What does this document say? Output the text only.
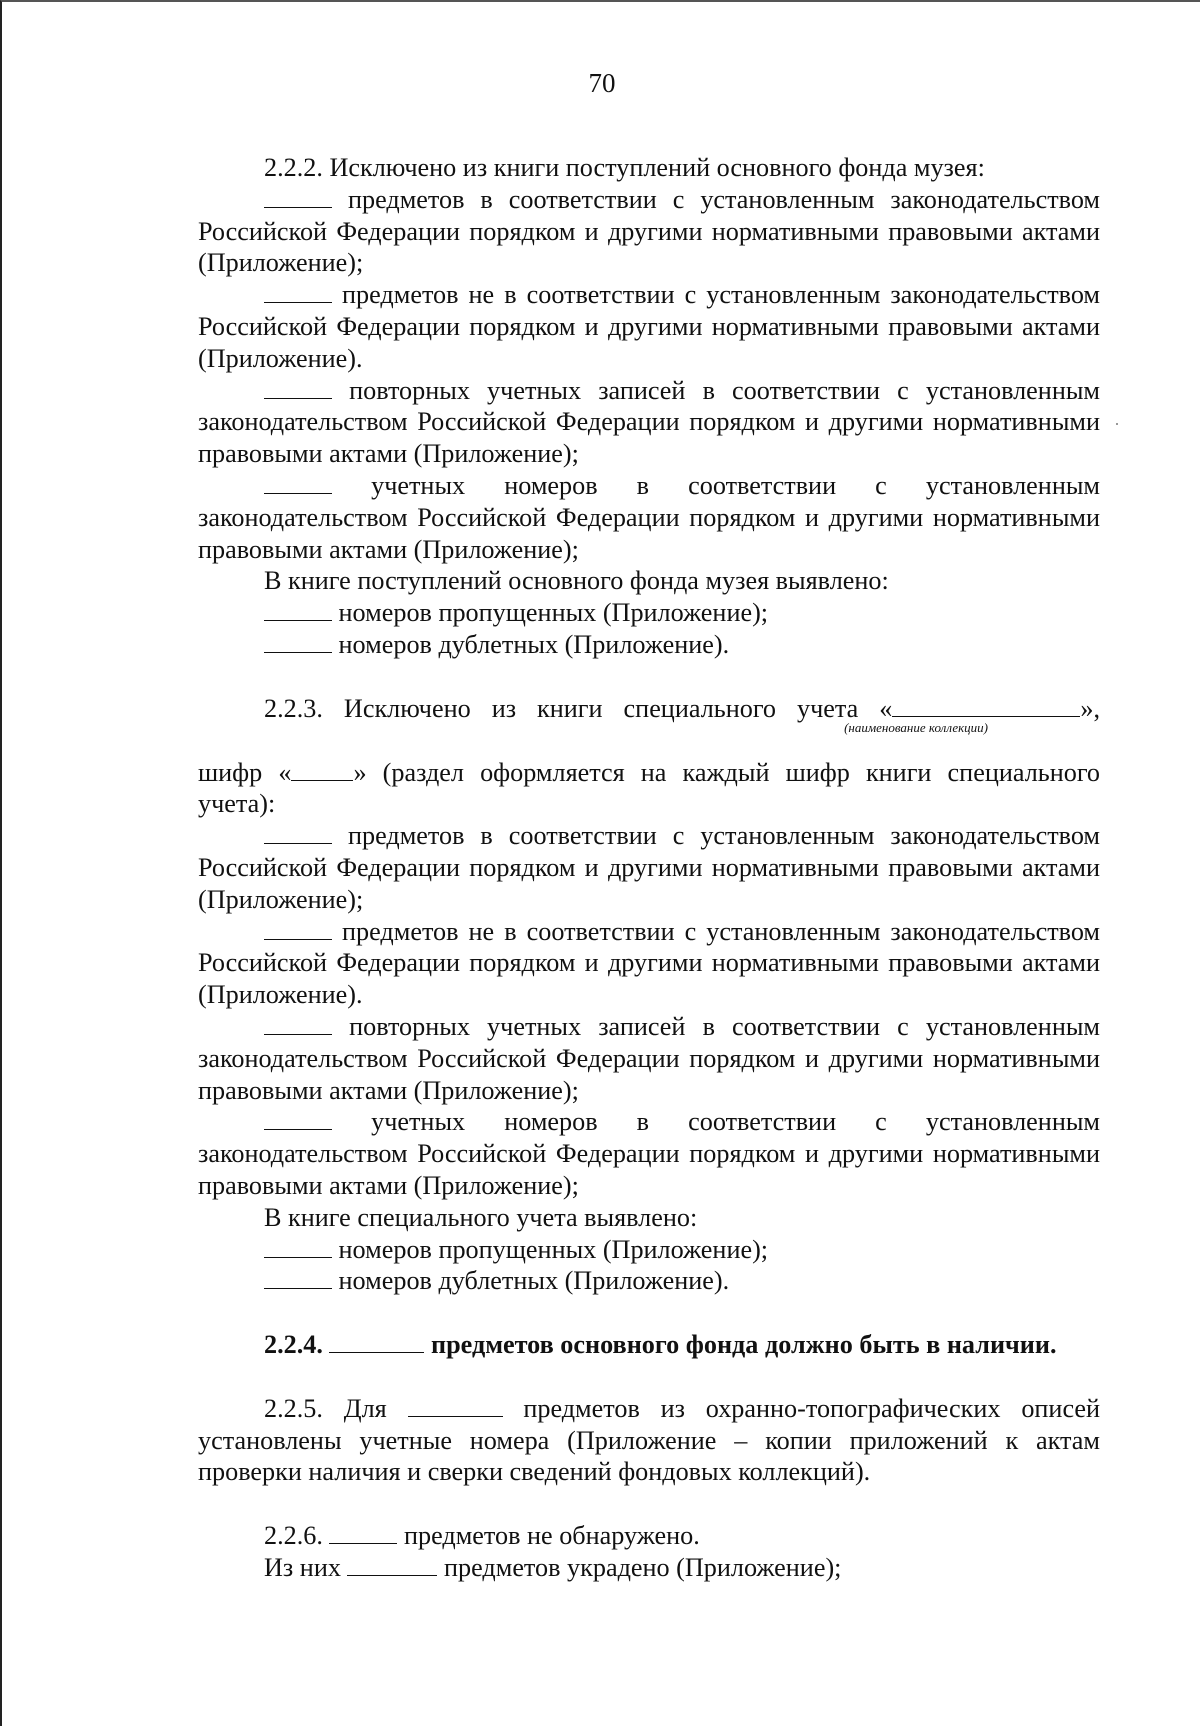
70

2.2.2. Исключено из книги поступлений основного фонда музея:

предметов в соответствии с установленным законодательством Российской Федерации порядком и другими нормативными правовыми актами (Приложение);

предметов не в соответствии с установленным законодательством Российской Федерации порядком и другими нормативными правовыми актами (Приложение).

повторных учетных записей в соответствии с установленным законодательством Российской Федерации порядком и другими нормативными правовыми актами (Приложение);

учетных номеров в соответствии с установленным законодательством Российской Федерации порядком и другими нормативными правовыми актами (Приложение);

В книге поступлений основного фонда музея выявлено:

номеров пропущенных (Приложение);

номеров дублетных (Приложение).

2.2.3. Исключено из книги специального учета «	»,

(наименование коллекции)

шифр « » (раздел оформляется на каждый шифр книги специального учета):

предметов в соответствии с установленным законодательством Российской Федерации порядком и другими нормативными правовыми актами (Приложение);

предметов не в соответствии с установленным законодательством Российской Федерации порядком и другими нормативными правовыми актами (Приложение).

повторных учетных записей в соответствии с установленным законодательством Российской Федерации порядком и другими нормативными правовыми актами (Приложение);

учетных номеров в соответствии с установленным законодательством Российской Федерации порядком и другими нормативными правовыми актами (Приложение);

В книге специального учета выявлено:

номеров пропущенных (Приложение);

номеров дублетных (Приложение).

2.2.4.	предметов основного фонда должно быть в наличии.

2.2.5. Для	предметов из охранно-топографических описей установлены учетные номера (Приложение – копии приложений к актам проверки наличия и сверки сведений фондовых коллекций).

2.2.6.	предметов не обнаружено.

Из них	предметов украдено (Приложение);
